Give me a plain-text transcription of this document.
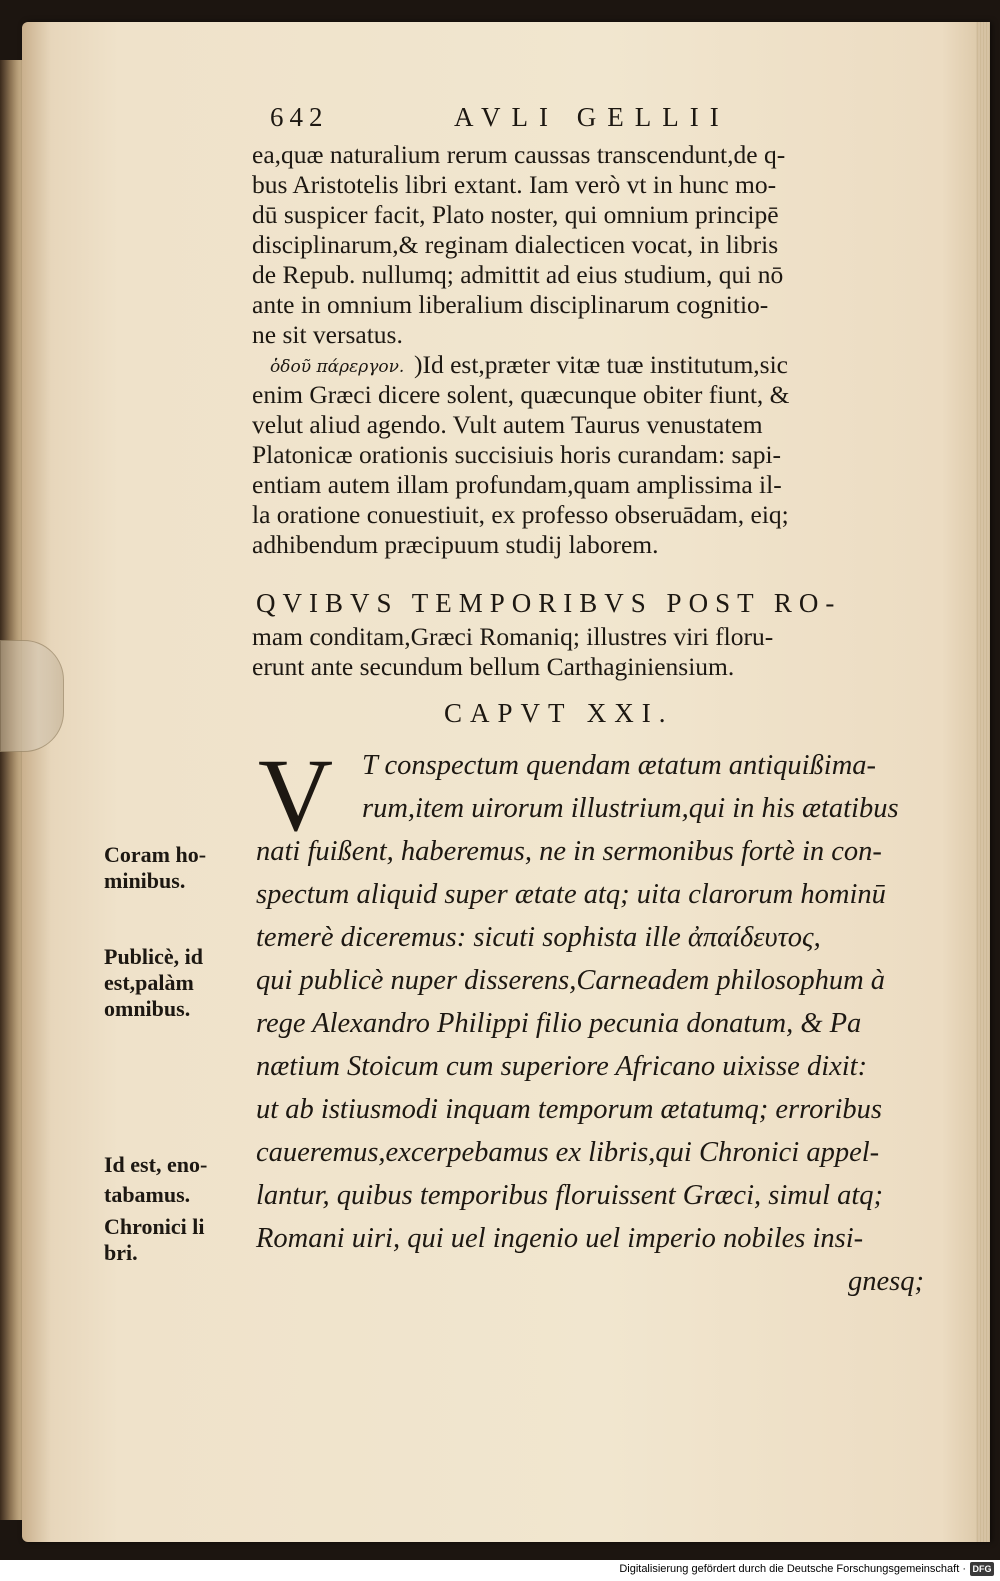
642	AVLI GELLII

ea,quæ naturalium rerum caussas transcendunt,de q-

bus Aristotelis libri extant. Iam verò vt in hunc mo-

dū suspicer facit, Plato noster, qui omnium principē

disciplinarum,& reginam dialecticen vocat, in libris

de Repub. nullumq; admittit ad eius studium, qui nō

ante in omnium liberalium disciplinarum cognitio-

ne sit versatus.

ὁδοῦ πάρεργον. )Id est,præter vitæ tuæ institutum,sic

enim Græci dicere solent, quæcunque obiter fiunt, &

velut aliud agendo. Vult autem Taurus venustatem

Platonicæ orationis succisiuis horis curandam: sapi-

entiam autem illam profundam,quam amplissima il-

la oratione conuestiuit, ex professo obseruādam, eiq;

adhibendum præcipuum studij laborem.

QVIBVS TEMPORIBVS POST RO-

mam conditam,Græci Romaniq; illustres viri floru-

erunt ante secundum bellum Carthaginiensium.

CAPVT XXI.

V T conspectum quendam ætatum antiquißima-

rum,item uirorum illustrium,qui in his ætatibus

nati fuißent, haberemus, ne in sermonibus fortè in con-

spectum aliquid super ætate atq; uita clarorum hominū

temerè diceremus: sicuti sophista ille ἀπαίδευτος,

qui publicè nuper disserens,Carneadem philosophum à

rege Alexandro Philippi filio pecunia donatum, & Pa

nætium Stoicum cum superiore Africano uixisse dixit:

ut ab istiusmodi inquam temporum ætatumq; erroribus

caueremus,excerpebamus ex libris,qui Chronici appel-

lantur, quibus temporibus floruissent Græci, simul atq;

Romani uiri, qui uel ingenio uel imperio nobiles insi-

gnesq;

Coram ho-

minibus.

Publicè, id

est,palàm

omnibus.

Id est, eno-

tabamus.

Chronici li

bri.

Digitalisierung gefördert durch die Deutsche Forschungsgemeinschaft · DFG
